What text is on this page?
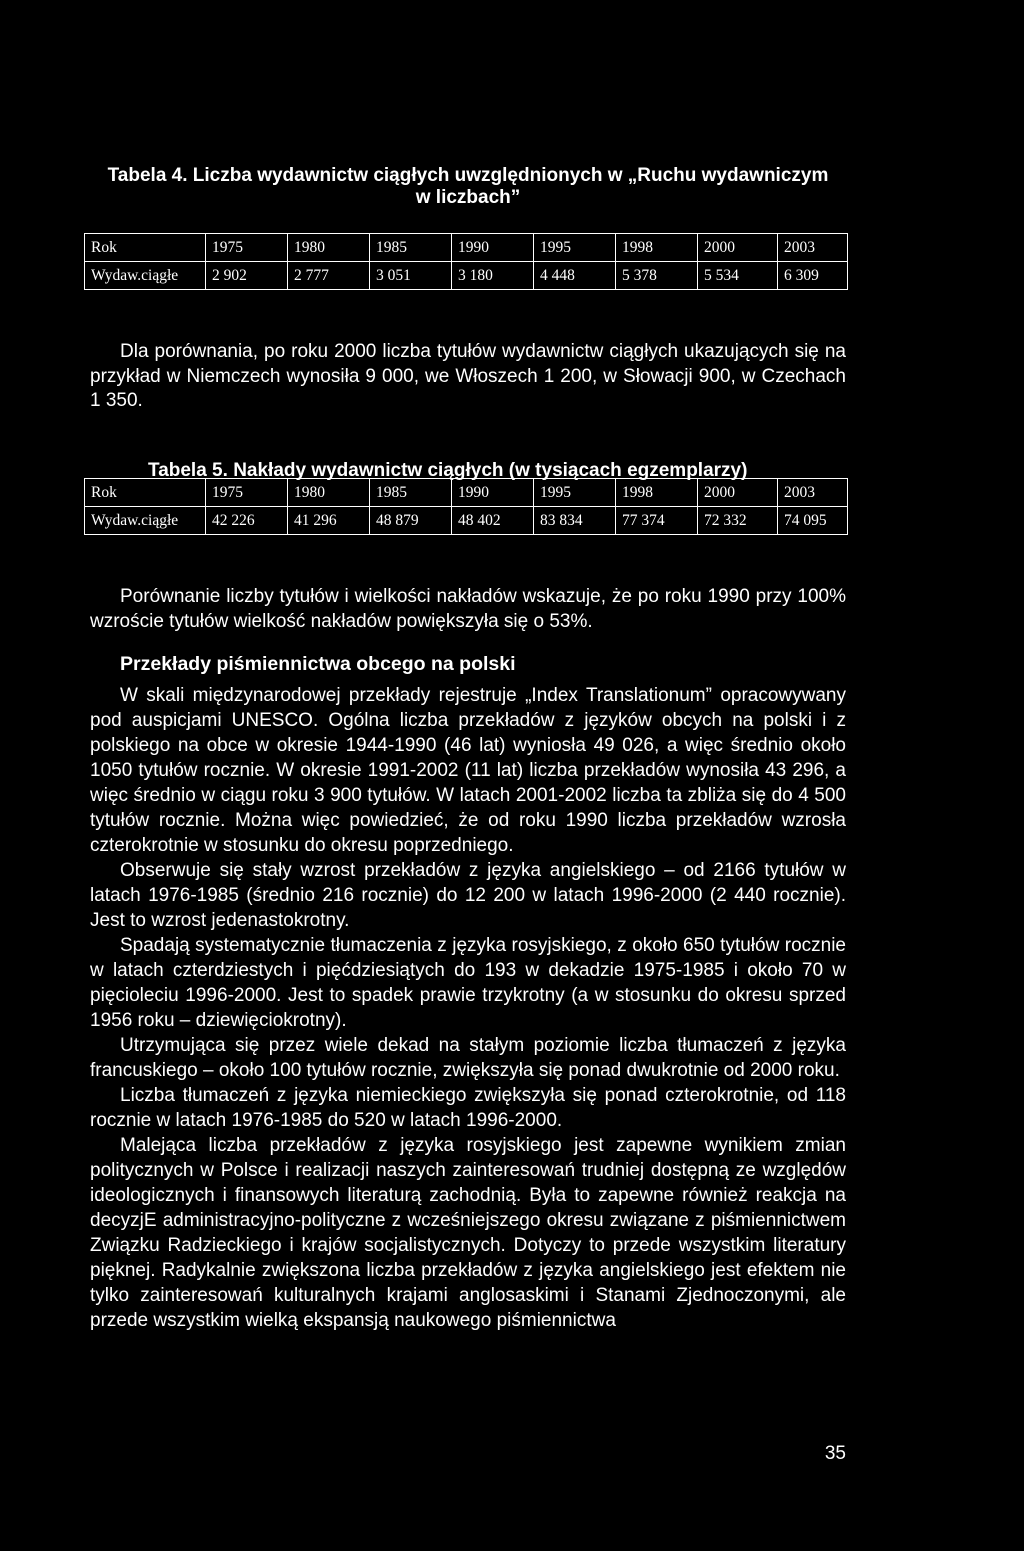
Tabela 4. Liczba wydawnictw ciągłych uwzględnionych w „Ruchu wydawniczym
w liczbach”
Rok	1975	1980	1985	1990	1995	1998	2000	2003
Wydaw.ciągłe	2 902	2 777	3 051	3 180	4 448	5 378	5 534	6 309

Dla porównania, po roku 2000 liczba tytułów wydawnictw ciągłych ukazujących się na przykład w Niemczech wynosiła 9 000, we Włoszech 1 200, w Słowacji 900, w Czechach 1 350.

Tabela 5. Nakłady wydawnictw ciągłych (w tysiącach egzemplarzy)
Rok	1975	1980	1985	1990	1995	1998	2000	2003
Wydaw.ciągłe	42 226	41 296	48 879	48 402	83 834	77 374	72 332	74 095

Porównanie liczby tytułów i wielkości nakładów wskazuje, że po roku 1990 przy 100% wzroście tytułów wielkość nakładów powiększyła się o 53%.

Przekłady piśmiennictwa obcego na polski

W skali międzynarodowej przekłady rejestruje „Index Translationum” opracowywany pod auspicjami UNESCO. Ogólna liczba przekładów z języków obcych na polski i z polskiego na obce w okresie 1944-1990 (46 lat) wyniosła 49 026, a więc średnio około 1050 tytułów rocznie. W okresie 1991-2002 (11 lat) liczba przekładów wynosiła 43 296, a więc średnio w ciągu roku 3 900 tytułów. W latach 2001-2002 liczba ta zbliża się do 4 500 tytułów rocznie. Można więc powiedzieć, że od roku 1990 liczba przekładów wzrosła czterokrotnie w stosunku do okresu poprzedniego.

Obserwuje się stały wzrost przekładów z języka angielskiego – od 2166 tytułów w latach 1976-1985 (średnio 216 rocznie) do 12 200 w latach 1996-2000 (2 440 rocznie). Jest to wzrost jedenastokrotny.

Spadają systematycznie tłumaczenia z języka rosyjskiego, z około 650 tytułów rocznie w latach czterdziestych i pięćdziesiątych do 193 w dekadzie 1975-1985 i około 70 w pięcioleciu 1996-2000. Jest to spadek prawie trzykrotny (a w stosunku do okresu sprzed 1956 roku – dziewięciokrotny).

Utrzymująca się przez wiele dekad na stałym poziomie liczba tłumaczeń z języka francuskiego – około 100 tytułów rocznie, zwiększyła się ponad dwukrotnie od 2000 roku.

Liczba tłumaczeń z języka niemieckiego zwiększyła się ponad czterokrotnie, od 118 rocznie w latach 1976-1985 do 520 w latach 1996-2000.

Malejąca liczba przekładów z języka rosyjskiego jest zapewne wynikiem zmian politycznych w Polsce i realizacji naszych zainteresowań trudniej dostępną ze względów ideologicznych i finansowych literaturą zachodnią. Była to zapewne również reakcja na decyzjE administracyjno-polityczne z wcześniejszego okresu związane z piśmiennictwem Związku Radzieckiego i krajów socjalistycznych. Dotyczy to przede wszystkim literatury pięknej. Radykalnie zwiększona liczba przekładów z języka angielskiego jest efektem nie tylko zainteresowań kulturalnych krajami anglosaskimi i Stanami Zjednoczonymi, ale przede wszystkim wielką ekspansją naukowego piśmiennictwa

35
